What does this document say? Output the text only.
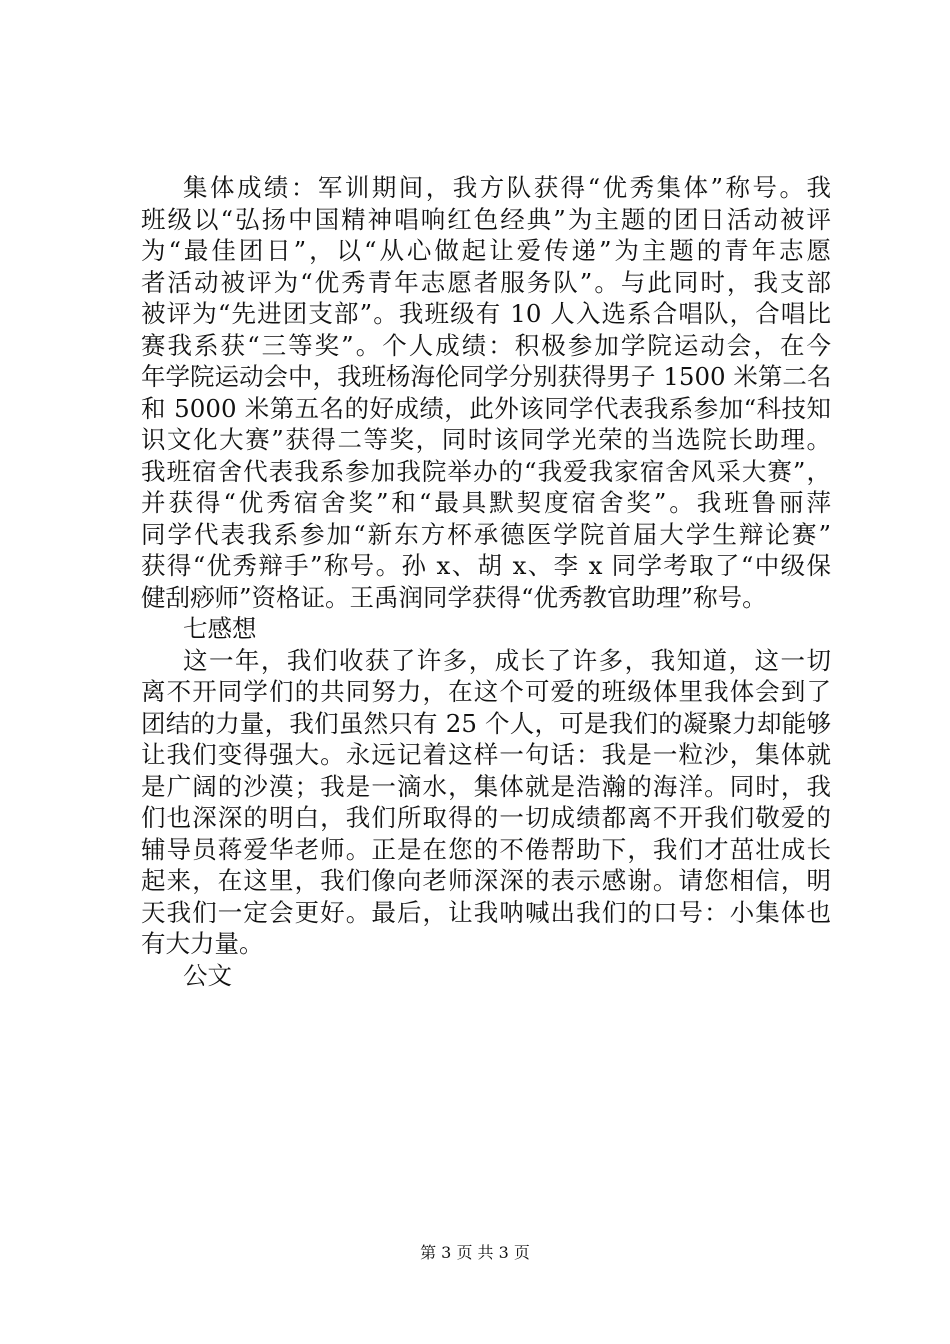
集体成绩：军训期间，我方队获得“优秀集体”称号。我
班级以“弘扬中国精神唱响红色经典”为主题的团日活动被评
为“最佳团日”，以“从心做起让爱传递”为主题的青年志愿
者活动被评为“优秀青年志愿者服务队”。与此同时，我支部
被评为“先进团支部”。我班级有 10 人入选系合唱队，合唱比
赛我系获“三等奖”。个人成绩：积极参加学院运动会，在今
年学院运动会中，我班杨海伦同学分别获得男子 1500 米第二名
和 5000 米第五名的好成绩，此外该同学代表我系参加“科技知
识文化大赛”获得二等奖，同时该同学光荣的当选院长助理。
我班宿舍代表我系参加我院举办的“我爱我家宿舍风采大赛”，
并获得“优秀宿舍奖”和“最具默契度宿舍奖”。我班鲁丽萍
同学代表我系参加“新东方杯承德医学院首届大学生辩论赛”
获得“优秀辩手”称号。孙 x、胡 x、李 x 同学考取了“中级保
健刮痧师”资格证。王禹润同学获得“优秀教官助理”称号。
七感想
这一年，我们收获了许多，成长了许多，我知道，这一切
离不开同学们的共同努力，在这个可爱的班级体里我体会到了
团结的力量，我们虽然只有 25 个人，可是我们的凝聚力却能够
让我们变得强大。永远记着这样一句话：我是一粒沙，集体就
是广阔的沙漠；我是一滴水，集体就是浩瀚的海洋。同时，我
们也深深的明白，我们所取得的一切成绩都离不开我们敬爱的
辅导员蒋爱华老师。正是在您的不倦帮助下，我们才茁壮成长
起来，在这里，我们像向老师深深的表示感谢。请您相信，明
天我们一定会更好。最后，让我呐喊出我们的口号：小集体也
有大力量。
公文
第 3 页 共 3 页
